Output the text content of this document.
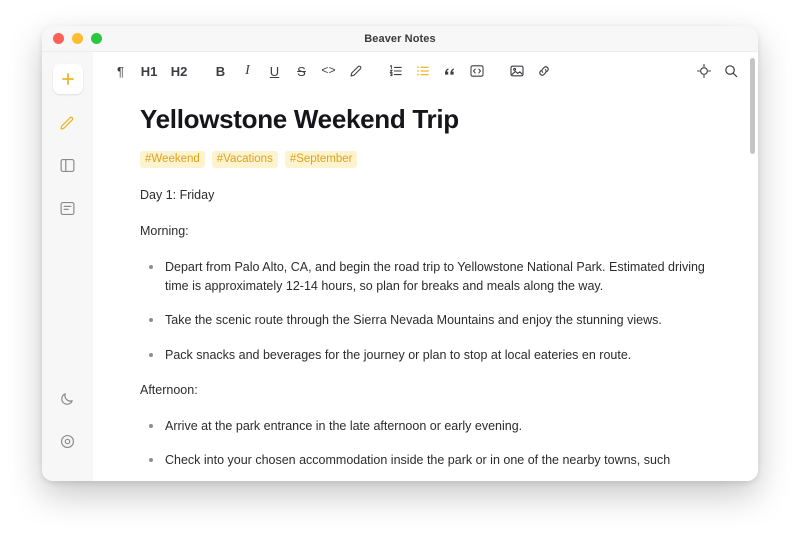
Beaver Notes
¶	H1	H2	B I U S <>
Yellowstone Weekend Trip
#Weekend	#Vacations	#September

Day 1: Friday

Morning:

Depart from Palo Alto, CA, and begin the road trip to Yellowstone National Park. Estimated driving time is approximately 12-14 hours, so plan for breaks and meals along the way.
Take the scenic route through the Sierra Nevada Mountains and enjoy the stunning views.
Pack snacks and beverages for the journey or plan to stop at local eateries en route.

Afternoon:

Arrive at the park entrance in the late afternoon or early evening.
Check into your chosen accommodation inside the park or in one of the nearby towns, such
